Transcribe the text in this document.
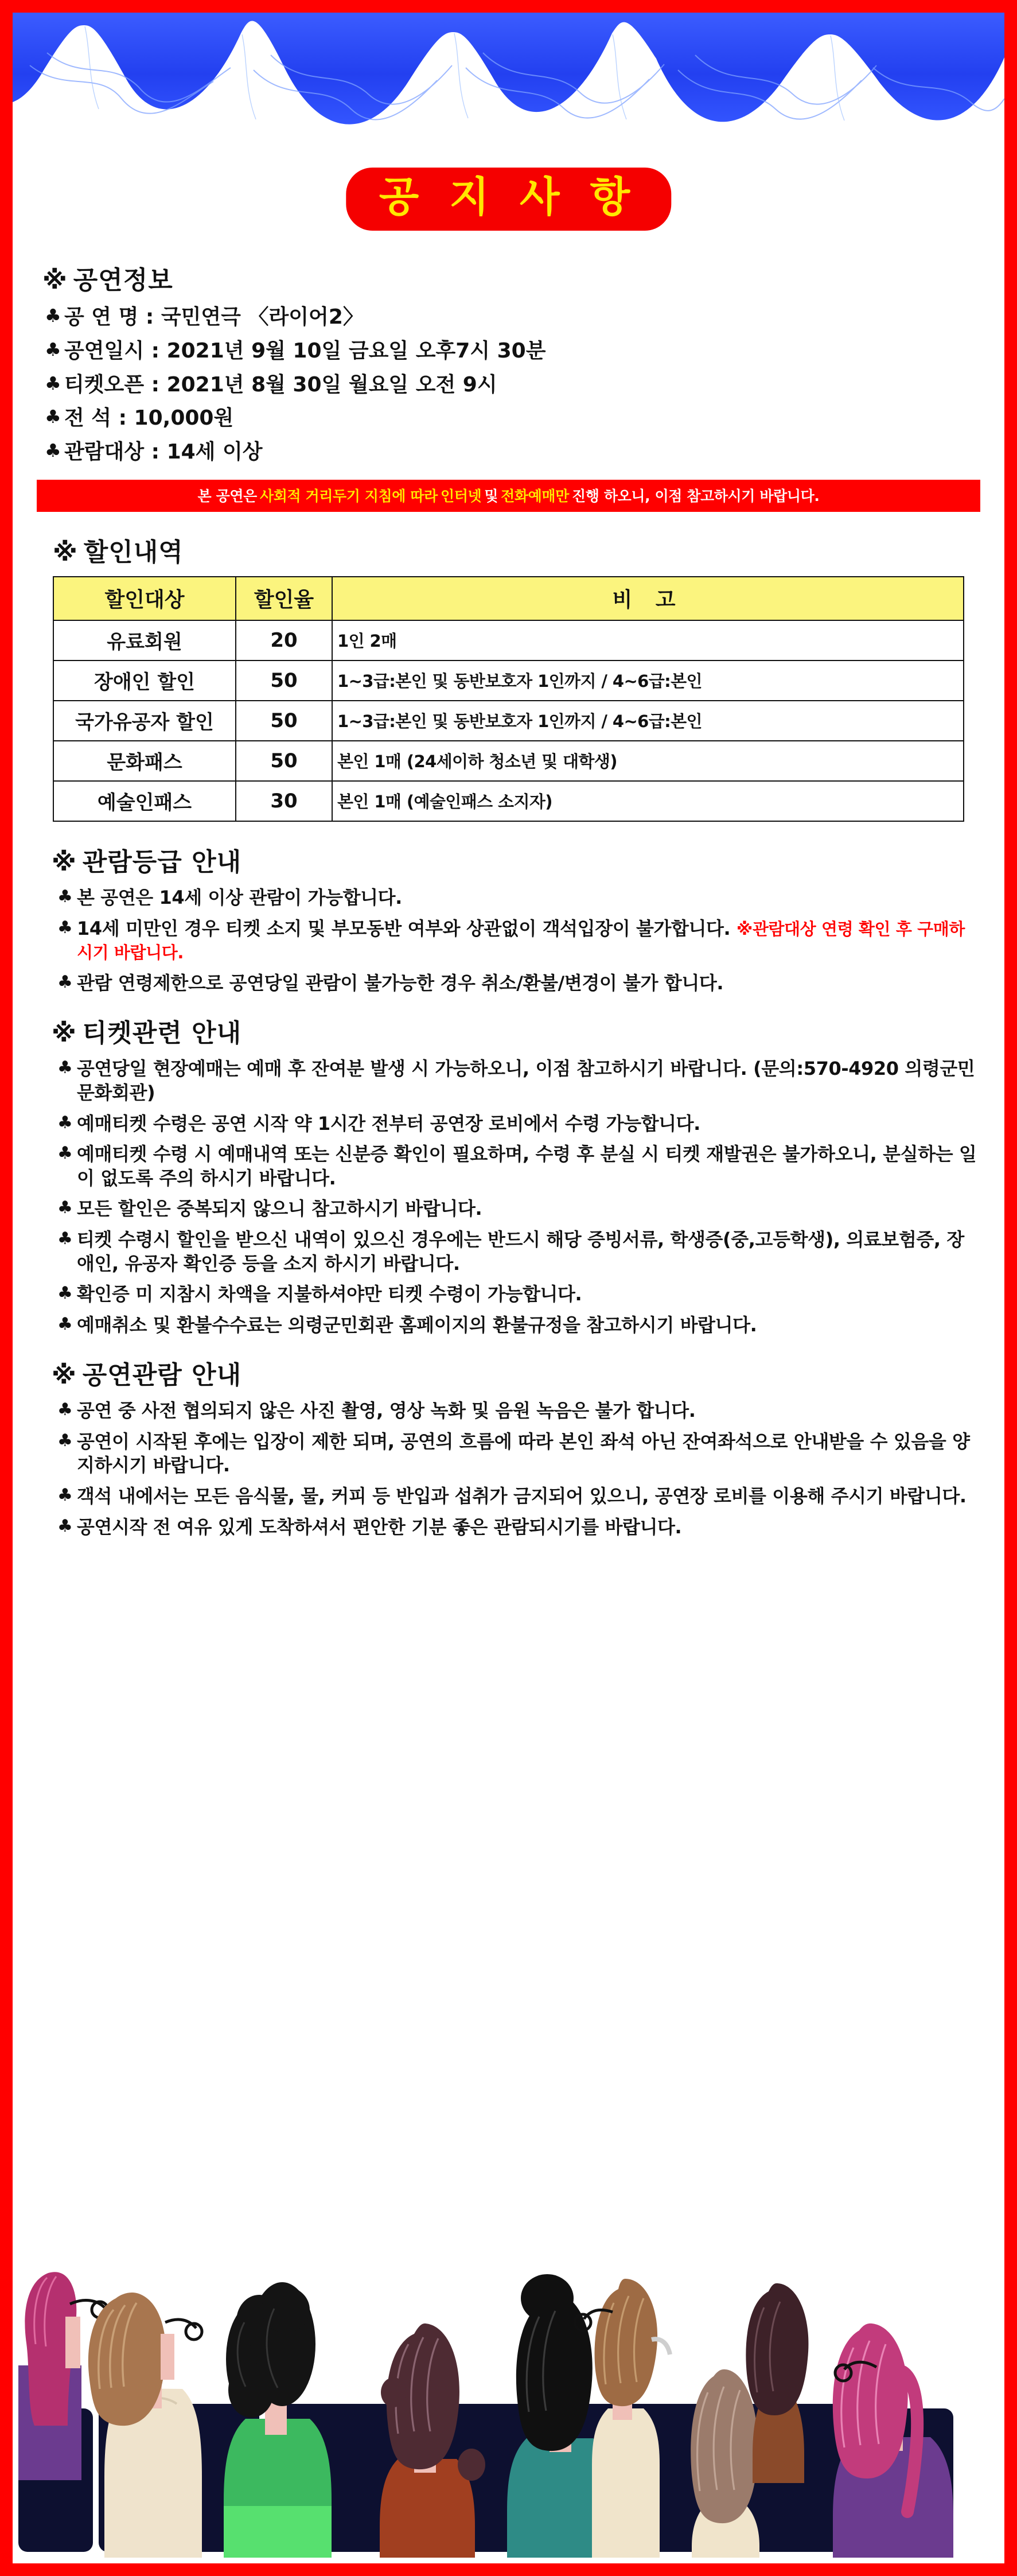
공 지 사 항
※ 공연정보
♣ 공 연 명 : 국민연극 〈라이어2〉
♣ 공연일시 : 2021년 9월 10일 금요일 오후7시 30분
♣ 티켓오픈 : 2021년 8월 30일 월요일 오전 9시
♣ 전 석 : 10,000원
♣ 관람대상 : 14세 이상
본 공연은 사회적 거리두기 지침에 따라 인터넷 및 전화예매만 진행 하오니, 이점 참고하시기 바랍니다.
※ 할인내역
할인대상	할인율	비 고
유료회원	20	1인 2매
장애인 할인	50	1~3급:본인 및 동반보호자 1인까지 / 4~6급:본인
국가유공자 할인	50	1~3급:본인 및 동반보호자 1인까지 / 4~6급:본인
문화패스	50	본인 1매 (24세이하 청소년 및 대학생)
예술인패스	30	본인 1매 (예술인패스 소지자)
※ 관람등급 안내
♣ 본 공연은 14세 이상 관람이 가능합니다.
♣ 14세 미만인 경우 티켓 소지 및 부모동반 여부와 상관없이 객석입장이 불가합니다. ※관람대상 연령 확인 후 구매하시기 바랍니다.
♣ 관람 연령제한으로 공연당일 관람이 불가능한 경우 취소/환불/변경이 불가 합니다.
※ 티켓관련 안내
♣ 공연당일 현장예매는 예매 후 잔여분 발생 시 가능하오니, 이점 참고하시기 바랍니다. (문의:570-4920 의령군민문화회관)
♣ 예매티켓 수령은 공연 시작 약 1시간 전부터 공연장 로비에서 수령 가능합니다.
♣ 예매티켓 수령 시 예매내역 또는 신분증 확인이 필요하며, 수령 후 분실 시 티켓 재발권은 불가하오니, 분실하는 일이 없도록 주의 하시기 바랍니다.
♣ 모든 할인은 중복되지 않으니 참고하시기 바랍니다.
♣ 티켓 수령시 할인을 받으신 내역이 있으신 경우에는 반드시 해당 증빙서류, 학생증(중,고등학생), 의료보험증, 장애인, 유공자 확인증 등을 소지 하시기 바랍니다.
♣ 확인증 미 지참시 차액을 지불하셔야만 티켓 수령이 가능합니다.
♣ 예매취소 및 환불수수료는 의령군민회관 홈페이지의 환불규정을 참고하시기 바랍니다.
※ 공연관람 안내
♣ 공연 중 사전 협의되지 않은 사진 촬영, 영상 녹화 및 음원 녹음은 불가 합니다.
♣ 공연이 시작된 후에는 입장이 제한 되며, 공연의 흐름에 따라 본인 좌석 아닌 잔여좌석으로 안내받을 수 있음을 양지하시기 바랍니다.
♣ 객석 내에서는 모든 음식물, 물, 커피 등 반입과 섭취가 금지되어 있으니, 공연장 로비를 이용해 주시기 바랍니다.
♣ 공연시작 전 여유 있게 도착하셔서 편안한 기분 좋은 관람되시기를 바랍니다.
